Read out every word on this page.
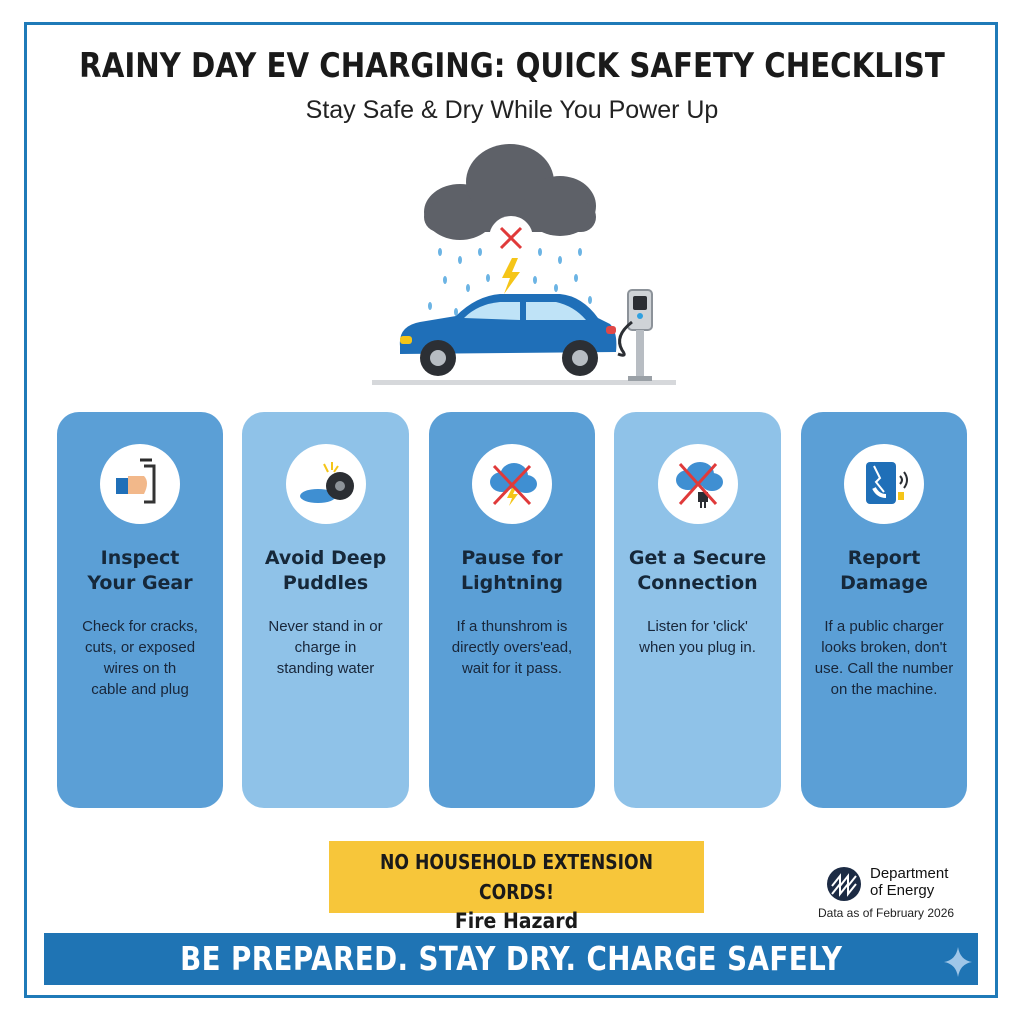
RAINY DAY EV CHARGING: QUICK SAFETY CHECKLIST
Stay Safe & Dry While You Power Up
Inspect
Your Gear
Check for cracks,
cuts, or exposed
wires on th
cable and plug
Avoid Deep
Puddles
Never stand in or
charge in
standing water
Pause for
Lightning
If a thunshrom is
directly overs'ead,
wait for it pass.
Get a Secure
Connection
Listen for 'click'
when you plug in.
Report
Damage
If a public charger
looks broken, don't
use. Call the number
on the machine.
NO HOUSEHOLD EXTENSION CORDS!
Fire Hazard
Department
of Energy
Data as of February 2026
BE PREPARED. STAY DRY. CHARGE SAFELY
